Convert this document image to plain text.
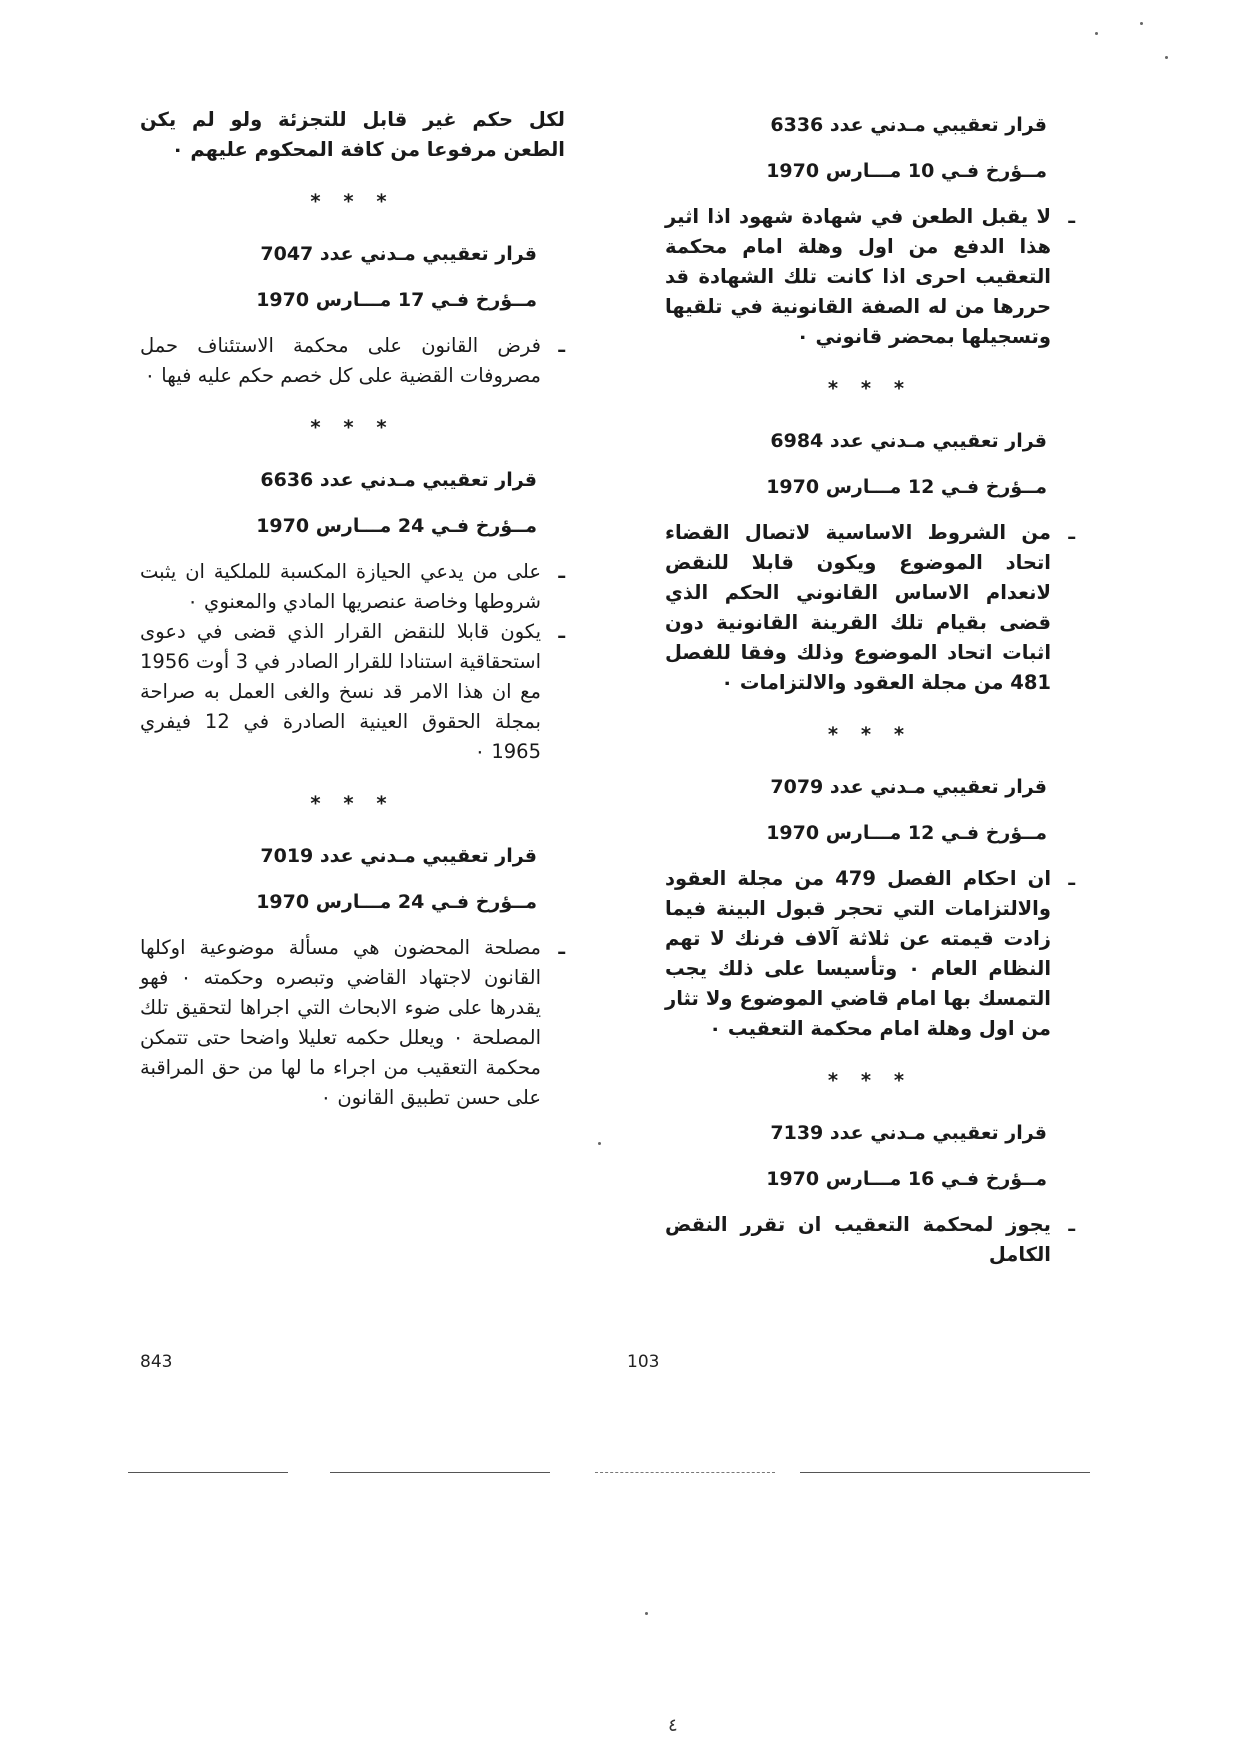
قرار تعقيبي مـدني عدد 6336
مــؤرخ فـي 10 مـــارس 1970
ـ
لا يقبل الطعن في شهادة شهود اذا اثير هذا الدفع من اول وهلة امام محكمة التعقيب احرى اذا كانت تلك الشهادة قد حررها من له الصفة القانونية في تلقيها وتسجيلها بمحضر قانوني ٠
* * *
قرار تعقيبي مـدني عدد 6984
مــؤرخ فـي 12 مـــارس 1970
ـ
من الشروط الاساسية لاتصال القضاء اتحاد الموضوع ويكون قابلا للنقض لانعدام الاساس القانوني الحكم الذي قضى بقيام تلك القرينة القانونية دون اثبات اتحاد الموضوع وذلك وفقا للفصل 481 من مجلة العقود والالتزامات ٠
* * *
قرار تعقيبي مـدني عدد 7079
مــؤرخ فـي 12 مـــارس 1970
ـ
ان احكام الفصل 479 من مجلة العقود والالتزامات التي تحجر قبول البينة فيما زادت قيمته عن ثلاثة آلاف فرنك لا تهم النظام العام ٠ وتأسيسا على ذلك يجب التمسك بها امام قاضي الموضوع ولا تثار من اول وهلة امام محكمة التعقيب ٠
* * *
قرار تعقيبي مـدني عدد 7139
مــؤرخ فـي 16 مـــارس 1970
ـ
يجوز لمحكمة التعقيب ان تقرر النقض الكامل
لكل حكم غير قابل للتجزئة ولو لم يكن الطعن مرفوعا من كافة المحكوم عليهم ٠
* * *
قرار تعقيبي مـدني عدد 7047
مــؤرخ فـي 17 مـــارس 1970
ـ
فرض القانون على محكمة الاستئناف حمل مصروفات القضية على كل خصم حكم عليه فيها ٠
* * *
قرار تعقيبي مـدني عدد 6636
مــؤرخ فـي 24 مـــارس 1970
ـ
على من يدعي الحيازة المكسبة للملكية ان يثبت شروطها وخاصة عنصريها المادي والمعنوي ٠
ـ
يكون قابلا للنقض القرار الذي قضى في دعوى استحقاقية استنادا للقرار الصادر في 3 أوت 1956 مع ان هذا الامر قد نسخ والغى العمل به صراحة بمجلة الحقوق العينية الصادرة في 12 فيفري 1965 ٠
* * *
قرار تعقيبي مـدني عدد 7019
مــؤرخ فـي 24 مـــارس 1970
ـ
مصلحة المحضون هي مسألة موضوعية اوكلها القانون لاجتهاد القاضي وتبصره وحكمته ٠ فهو يقدرها على ضوء الابحاث التي اجراها لتحقيق تلك المصلحة ٠ ويعلل حكمه تعليلا واضحا حتى تتمكن محكمة التعقيب من اجراء ما لها من حق المراقبة على حسن تطبيق القانون ٠
843	103
٤
